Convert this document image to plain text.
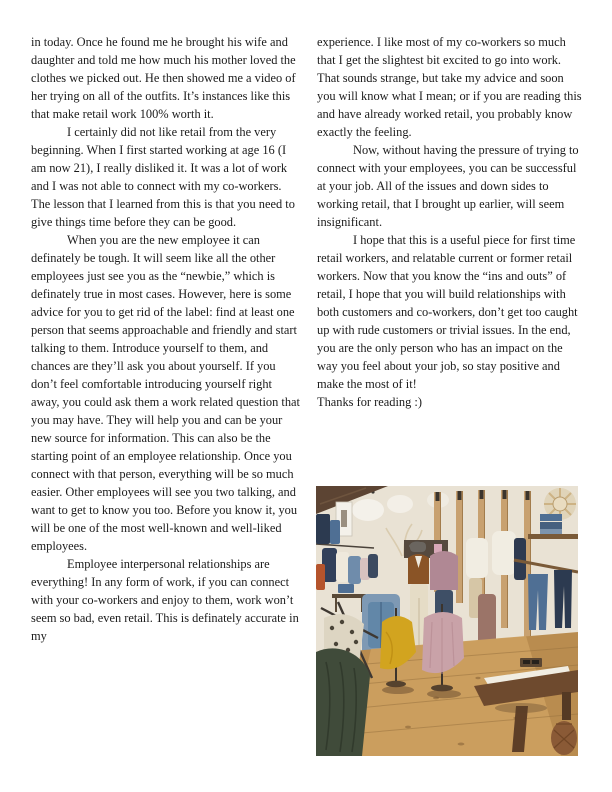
in today. Once he found me he brought his wife and daughter and told me how much his mother loved the clothes we picked out. He then showed me a video of her trying on all of the outfits. It’s instances like this that make retail work 100% worth it.

I certainly did not like retail from the very beginning. When I first started working at age 16 (I am now 21), I really disliked it. It was a lot of work and I was not able to connect with my co-workers. The lesson that I learned from this is that you need to give things time before they can be good.

When you are the new employee it can definately be tough. It will seem like all the other employees just see you as the “newbie,” which is definately true in most cases. However, here is some advice for you to get rid of the label: find at least one person that seems approachable and friendly and start talking to them. Introduce yourself to them, and chances are they’ll ask you about yourself. If you don’t feel comfortable introducing yourself right away, you could ask them a work related question that you may have. They will help you and can be your new source for information. This can also be the starting point of an employee relationship. Once you connect with that person, everything will be so much easier. Other employees will see you two talking, and want to get to know you too. Before you know it, you will be one of the most well-known and well-liked employees.

Employee interpersonal relationships are everything! In any form of work, if you can connect with your co-workers and enjoy to them, work won’t seem so bad, even retail. This is definately accurate in my

experience. I like most of my co-workers so much that I get the slightest bit excited to go into work. That sounds strange, but take my advice and soon you will know what I mean; or if you are reading this and have already worked retail, you probably know exactly the feeling.

Now, without having the pressure of trying to connect with your employees, you can be successful at your job. All of the issues and down sides to working retail, that I brought up earlier, will seem insignificant.

I hope that this is a useful piece for first time retail workers, and relatable current or former retail workers. Now that you know the “ins and outs” of retail, I hope that you will build relationships with both customers and co-workers, don’t get too caught up with rude customers or trivial issues. In the end, you are the only person who has an impact on the way you feel about your job, so stay positive and make the most of it!

Thanks for reading :)
